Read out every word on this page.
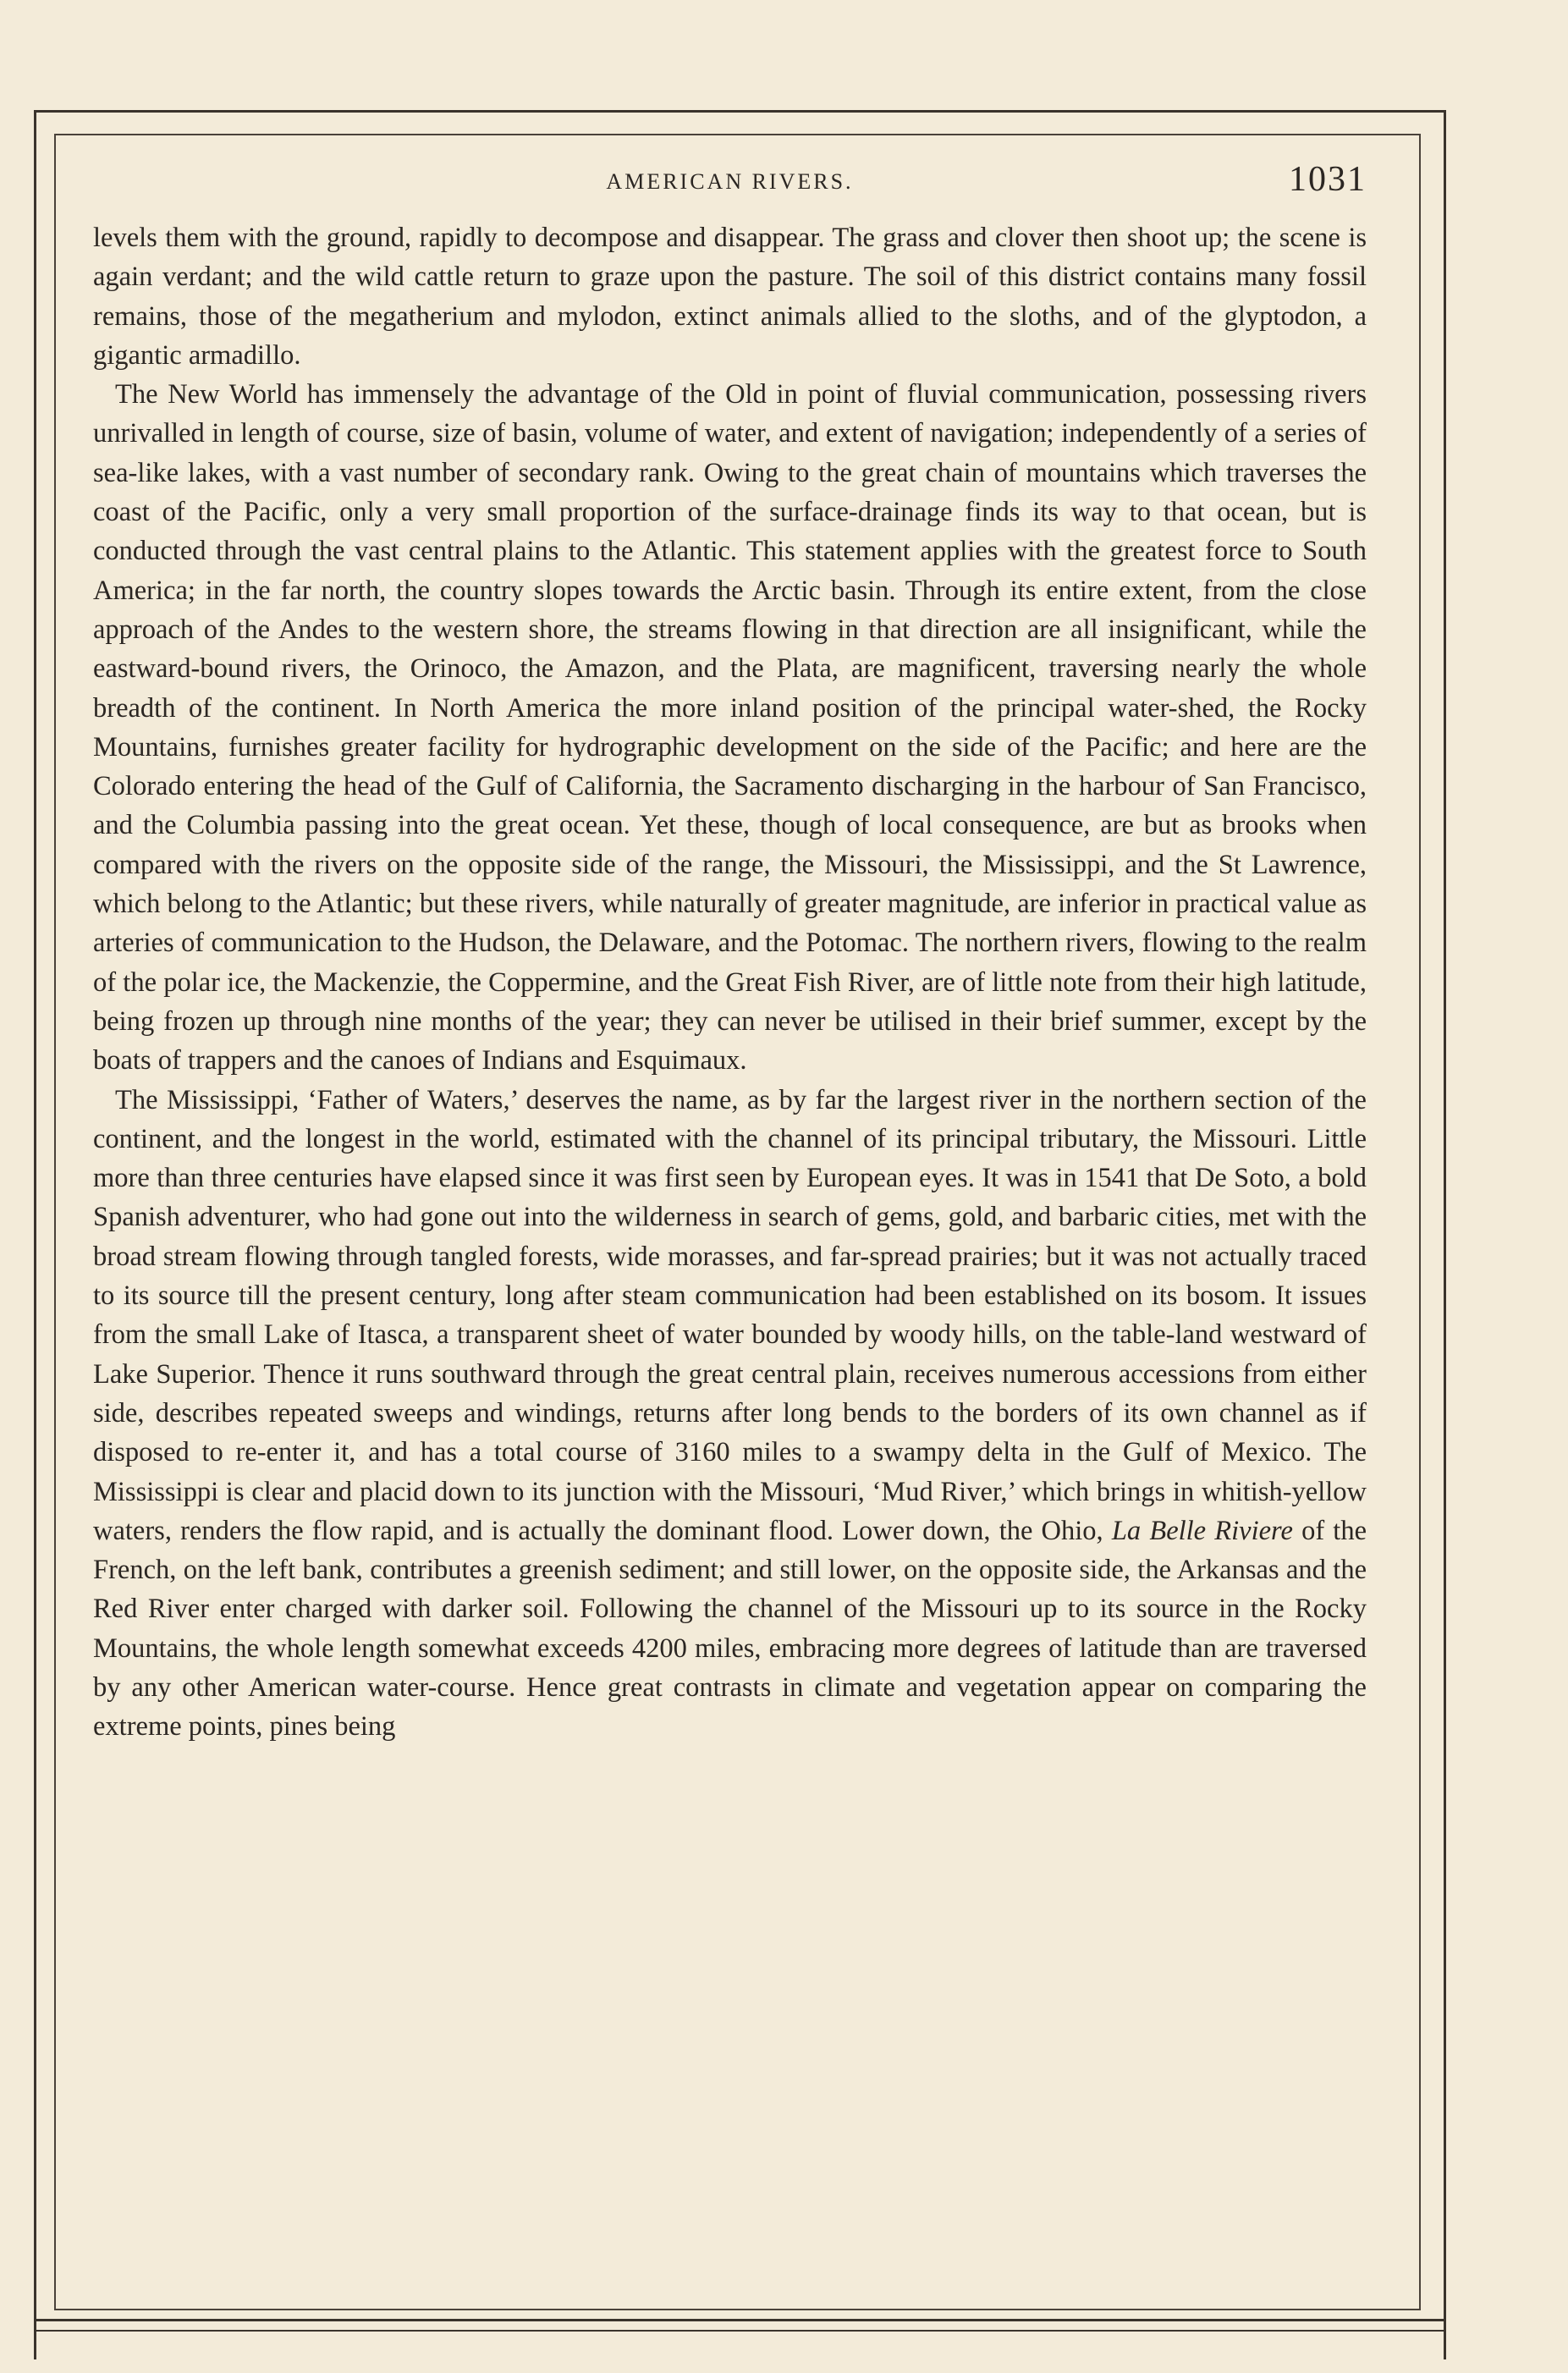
AMERICAN RIVERS.	1031

levels them with the ground, rapidly to decompose and disappear. The grass and clover then shoot up; the scene is again verdant; and the wild cattle return to graze upon the pasture. The soil of this district contains many fossil remains, those of the megatherium and mylodon, extinct animals allied to the sloths, and of the glyptodon, a gigantic armadillo.

The New World has immensely the advantage of the Old in point of fluvial communication, possessing rivers unrivalled in length of course, size of basin, volume of water, and extent of navigation; independently of a series of sea-like lakes, with a vast number of secondary rank. Owing to the great chain of mountains which traverses the coast of the Pacific, only a very small proportion of the surface-drainage finds its way to that ocean, but is conducted through the vast central plains to the Atlantic. This statement applies with the greatest force to South America; in the far north, the country slopes towards the Arctic basin. Through its entire extent, from the close approach of the Andes to the western shore, the streams flowing in that direction are all insignificant, while the eastward-bound rivers, the Orinoco, the Amazon, and the Plata, are magnificent, traversing nearly the whole breadth of the continent. In North America the more inland position of the principal water-shed, the Rocky Mountains, furnishes greater facility for hydrographic development on the side of the Pacific; and here are the Colorado entering the head of the Gulf of California, the Sacramento discharging in the harbour of San Francisco, and the Columbia passing into the great ocean. Yet these, though of local consequence, are but as brooks when compared with the rivers on the opposite side of the range, the Missouri, the Mississippi, and the St Lawrence, which belong to the Atlantic; but these rivers, while naturally of greater magnitude, are inferior in practical value as arteries of communication to the Hudson, the Delaware, and the Potomac. The northern rivers, flowing to the realm of the polar ice, the Mackenzie, the Coppermine, and the Great Fish River, are of little note from their high latitude, being frozen up through nine months of the year; they can never be utilised in their brief summer, except by the boats of trappers and the canoes of Indians and Esquimaux.

The Mississippi, ‘Father of Waters,’ deserves the name, as by far the largest river in the northern section of the continent, and the longest in the world, estimated with the channel of its principal tributary, the Missouri. Little more than three centuries have elapsed since it was first seen by European eyes. It was in 1541 that De Soto, a bold Spanish adventurer, who had gone out into the wilderness in search of gems, gold, and barbaric cities, met with the broad stream flowing through tangled forests, wide morasses, and far-spread prairies; but it was not actually traced to its source till the present century, long after steam communication had been established on its bosom. It issues from the small Lake of Itasca, a transparent sheet of water bounded by woody hills, on the table-land westward of Lake Superior. Thence it runs southward through the great central plain, receives numerous accessions from either side, describes repeated sweeps and windings, returns after long bends to the borders of its own channel as if disposed to re-enter it, and has a total course of 3160 miles to a swampy delta in the Gulf of Mexico. The Mississippi is clear and placid down to its junction with the Missouri, ‘Mud River,’ which brings in whitish-yellow waters, renders the flow rapid, and is actually the dominant flood. Lower down, the Ohio, La Belle Riviere of the French, on the left bank, contributes a greenish sediment; and still lower, on the opposite side, the Arkansas and the Red River enter charged with darker soil. Following the channel of the Missouri up to its source in the Rocky Mountains, the whole length somewhat exceeds 4200 miles, embracing more degrees of latitude than are traversed by any other American water-course. Hence great contrasts in climate and vegetation appear on comparing the extreme points, pines being
